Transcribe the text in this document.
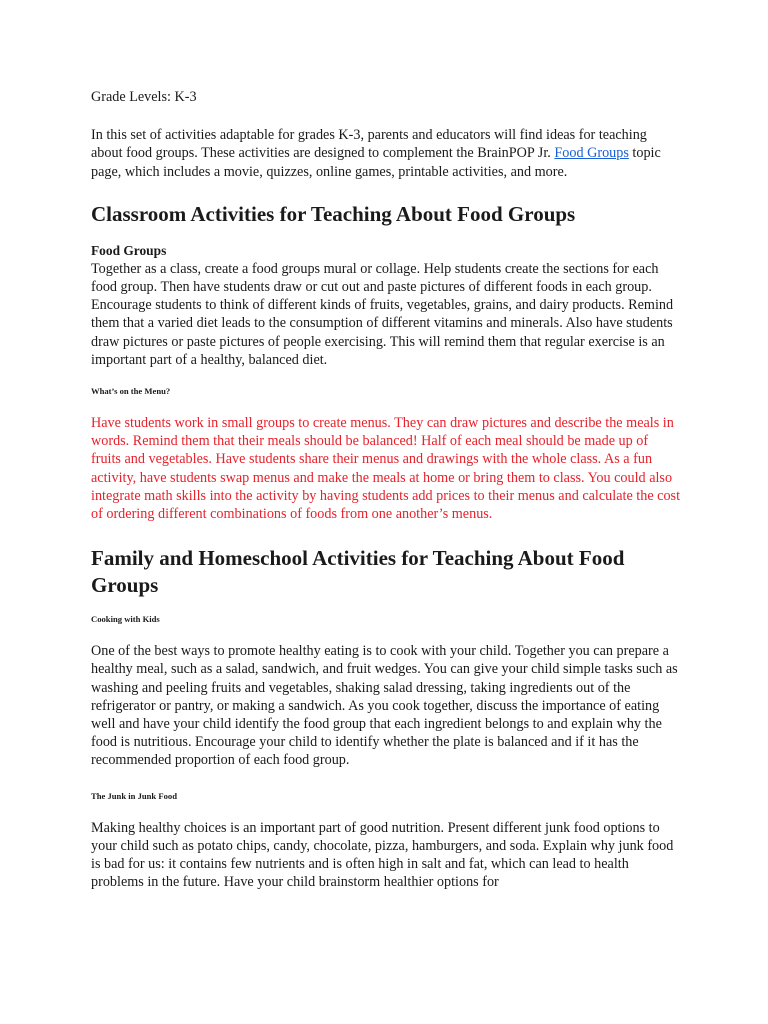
Grade Levels: K-3

In this set of activities adaptable for grades K-3, parents and educators will find ideas for teaching about food groups. These activities are designed to complement the BrainPOP Jr. Food Groups topic page, which includes a movie, quizzes, online games, printable activities, and more.

Classroom Activities for Teaching About Food Groups

Food Groups

Together as a class, create a food groups mural or collage. Help students create the sections for each food group. Then have students draw or cut out and paste pictures of different foods in each group. Encourage students to think of different kinds of fruits, vegetables, grains, and dairy products. Remind them that a varied diet leads to the consumption of different vitamins and minerals. Also have students draw pictures or paste pictures of people exercising. This will remind them that regular exercise is an important part of a healthy, balanced diet.

What’s on the Menu?

Have students work in small groups to create menus. They can draw pictures and describe the meals in words. Remind them that their meals should be balanced! Half of each meal should be made up of fruits and vegetables. Have students share their menus and drawings with the whole class. As a fun activity, have students swap menus and make the meals at home or bring them to class. You could also integrate math skills into the activity by having students add prices to their menus and calculate the cost of ordering different combinations of foods from one another’s menus.

Family and Homeschool Activities for Teaching About Food Groups

Cooking with Kids

One of the best ways to promote healthy eating is to cook with your child. Together you can prepare a healthy meal, such as a salad, sandwich, and fruit wedges. You can give your child simple tasks such as washing and peeling fruits and vegetables, shaking salad dressing, taking ingredients out of the refrigerator or pantry, or making a sandwich. As you cook together, discuss the importance of eating well and have your child identify the food group that each ingredient belongs to and explain why the food is nutritious. Encourage your child to identify whether the plate is balanced and if it has the recommended proportion of each food group.

The Junk in Junk Food

Making healthy choices is an important part of good nutrition. Present different junk food options to your child such as potato chips, candy, chocolate, pizza, hamburgers, and soda. Explain why junk food is bad for us: it contains few nutrients and is often high in salt and fat, which can lead to health problems in the future. Have your child brainstorm healthier options for
